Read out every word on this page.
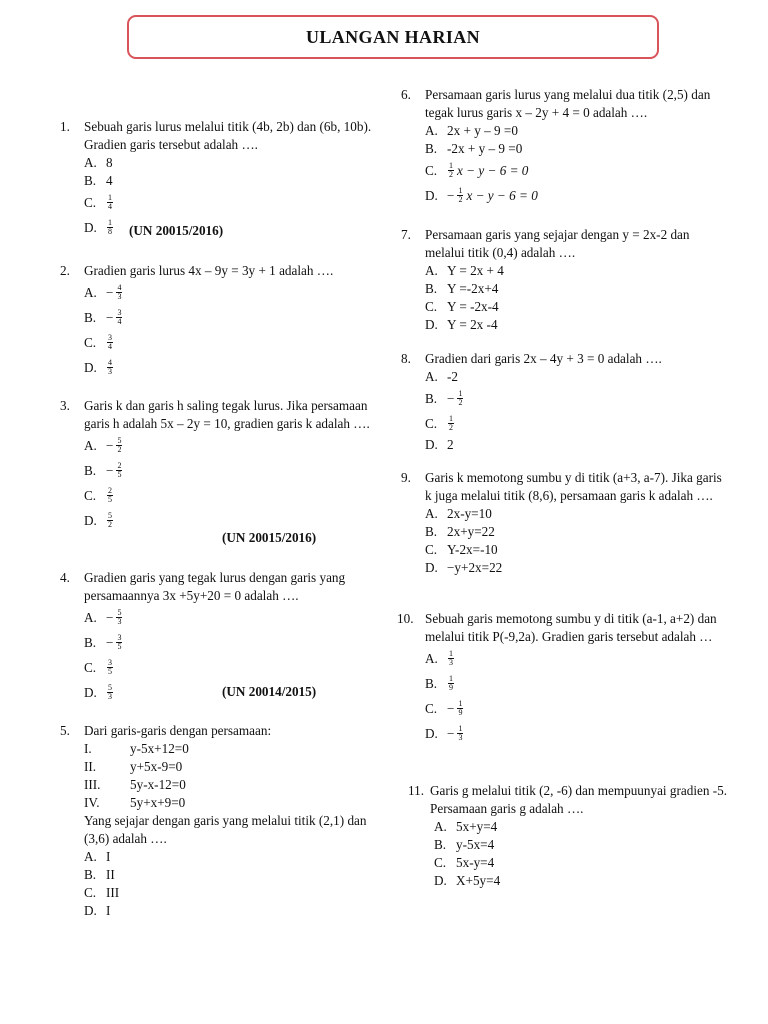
ULANGAN HARIAN
1.	Sebuah garis lurus melalui titik (4b, 2b) dan (6b, 10b). Gradien garis tersebut adalah ….
A. 8
B. 4
C.	$\frac{1}{4}$
D.	$\frac{1}{8} (UN$ 20015/2016)
2.	Gradien garis lurus 4x – 9y = 3y + 1 adalah ….
A. − $\frac{4}{3}$
B. − $\frac{3}{4}$
C.	$\frac{3}{4}$
D.	$\frac{4}{3}$
3.	Garis k dan garis h saling tegak lurus. Jika persamaan garis h adalah 5x – 2y = 10, gradien garis k adalah ….
A. − $\frac{5}{2}$
B. − $\frac{2}{5}$
C.	$\frac{2}{5}$
D.	$\frac{5}{2}$
(UN 20015/2016)
4.	Gradien garis yang tegak lurus dengan garis yang persamaannya 3x +5y+20 = 0 adalah ….
A. − $\frac{5}{3}$
B. − $\frac{3}{5}$
C.	$\frac{3}{5}$
D.	$\frac{5}{3}$	(UN 20014/2015)
5.	Dari garis-garis dengan persamaan:
I.	y-5x+12=0
II.	y+5x-9=0
III.	5y-x-12=0
IV.	5y+x+9=0
Yang sejajar dengan garis yang melalui titik (2,1) dan (3,6) adalah ….
A. I
B. II
C. III
D. I
6.	Persamaan garis lurus yang melalui dua titik (2,5) dan tegak lurus garis x – 2y + 4 = 0 adalah ….
A. 2x + y – 9 =0
B. -2x + y – 9 =0
C.	$\frac{1}{2}$ x − y − 6 = 0
D. − $\frac{1}{2}$ x − y − 6 = 0
7.	Persamaan garis yang sejajar dengan y = 2x-2 dan melalui titik (0,4) adalah ….
A. Y = 2x + 4
B. Y =-2x+4
C. Y = -2x-4
D. Y = 2x -4
8.	Gradien dari garis 2x – 4y + 3 = 0 adalah ….
A. -2
B. − $\frac{1}{2}$
C.	$\frac{1}{2}$
D. 2
9.	Garis k memotong sumbu y di titik (a+3, a-7). Jika garis k juga melalui titik (8,6), persamaan garis k adalah ….
A. 2x-y=10
B. 2x+y=22
C. Y-2x=-10
D. −y+2x=22
10. Sebuah garis memotong sumbu y di titik (a-1, a+2) dan melalui titik P(-9,2a). Gradien garis tersebut adalah …
A.	$\frac{1}{3}$
B.	$\frac{1}{9}$
C. − $\frac{1}{9}$
D. − $\frac{1}{3}$
11. Garis g melalui titik (2, -6) dan mempuunyai gradien -5. Persamaan garis g adalah ….
A. 5x+y=4
B. y-5x=4
C. 5x-y=4
D. X+5y=4
